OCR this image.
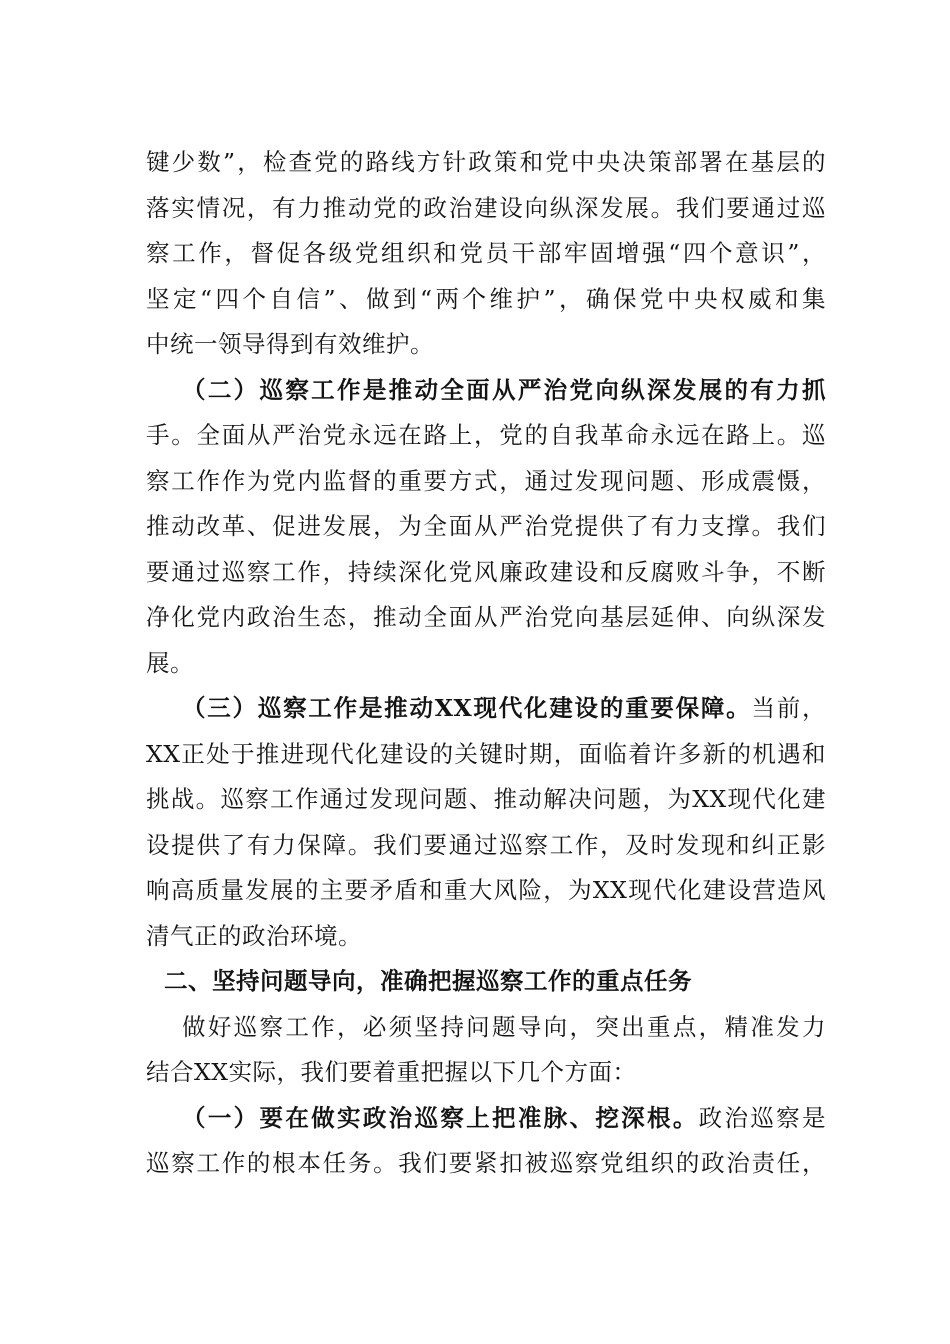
键少数”，检查党的路线方针政策和党中央决策部署在基层的
落实情况，有力推动党的政治建设向纵深发展。我们要通过巡
察工作，督促各级党组织和党员干部牢固增强“四个意识”，
坚定“四个自信”、做到“两个维护”，确保党中央权威和集
中统一领导得到有效维护。
（二）巡察工作是推动全面从严治党向纵深发展的有力抓
手。全面从严治党永远在路上，党的自我革命永远在路上。巡
察工作作为党内监督的重要方式，通过发现问题、形成震慑，
推动改革、促进发展，为全面从严治党提供了有力支撑。我们
要通过巡察工作，持续深化党风廉政建设和反腐败斗争，不断
净化党内政治生态，推动全面从严治党向基层延伸、向纵深发
展。
（三）巡察工作是推动XX现代化建设的重要保障。当前，
XX正处于推进现代化建设的关键时期，面临着许多新的机遇和
挑战。巡察工作通过发现问题、推动解决问题，为XX现代化建
设提供了有力保障。我们要通过巡察工作，及时发现和纠正影
响高质量发展的主要矛盾和重大风险，为XX现代化建设营造风
清气正的政治环境。
二、坚持问题导向，准确把握巡察工作的重点任务
做好巡察工作，必须坚持问题导向，突出重点，精准发力
结合XX实际，我们要着重把握以下几个方面：
（一）要在做实政治巡察上把准脉、挖深根。政治巡察是
巡察工作的根本任务。我们要紧扣被巡察党组织的政治责任，
